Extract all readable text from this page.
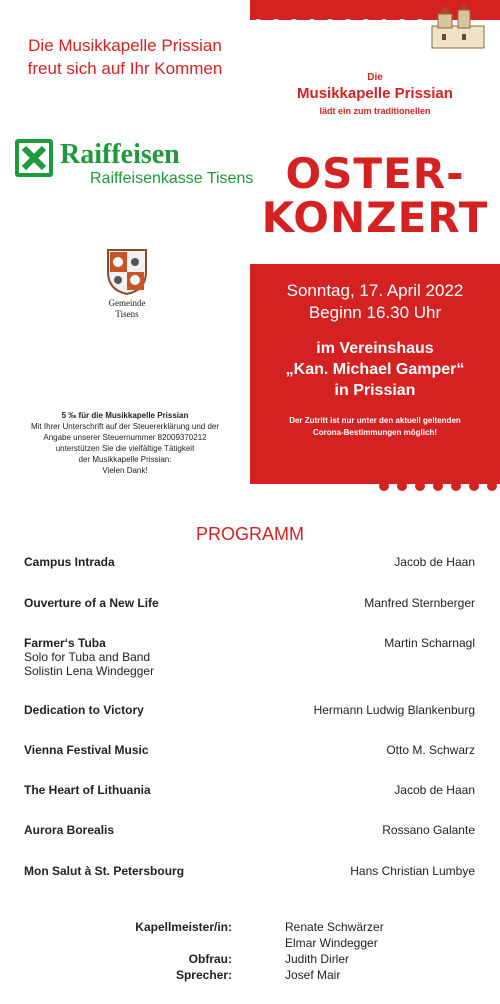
Die Musikkapelle Prissian
freut sich auf Ihr Kommen
Raiffeisen
Raiffeisenkasse Tisens
Gemeinde
Tisens
Die
Musikkapelle Prissian
lädt ein zum traditionellen
OSTER-
KONZERT
Sonntag, 17. April 2022
Beginn 16.30 Uhr
im Vereinshaus
„Kan. Michael Gamper“
in Prissian
Der Zutritt ist nur unter den aktuell geltenden
Corona-Bestimmungen möglich!
5 ‰ für die Musikkapelle Prissian
Mit Ihrer Unterschrift auf der Steuererklärung und der
Angabe unserer Steuernummer 82009370212
unterstützen Sie die vielfältige Tätigkeit
der Musikkapelle Prissian:
Vielen Dank!
PROGRAMM
Campus Intrada	Jacob de Haan
Ouverture of a New Life	Manfred Sternberger
Farmer‘s Tuba
Solo for Tuba and Band
Solistin Lena Windegger
Martin Scharnagl
Dedication to Victory	Hermann Ludwig Blankenburg
Vienna Festival Music	Otto M. Schwarz
The Heart of Lithuania	Jacob de Haan
Aurora Borealis	Rossano Galante
Mon Salut à St. Petersbourg	Hans Christian Lumbye
Kapellmeister/in:	Renate Schwärzer
Elmar Windegger
Obfrau:	Judith Dirler
Sprecher:	Josef Mair
